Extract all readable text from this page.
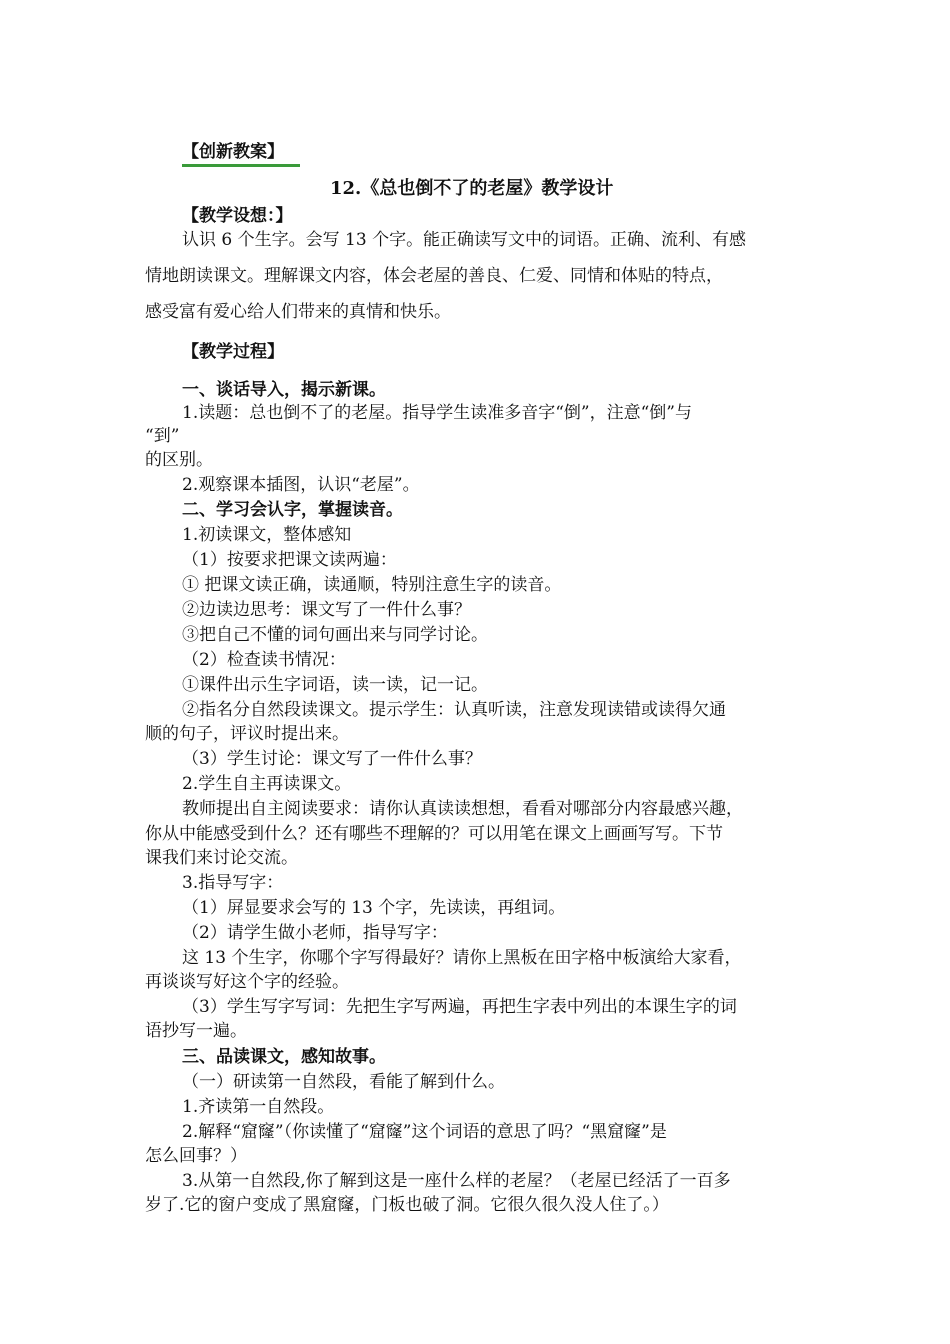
【创新教案】
12.《总也倒不了的老屋》教学设计
【教学设想：】
认识 6 个生字。会写 13 个字。能正确读写文中的词语。正确、流利、有感
情地朗读课文。理解课文内容，体会老屋的善良、仁爱、同情和体贴的特点，
感受富有爱心给人们带来的真情和快乐。
【教学过程】
一、谈话导入，揭示新课。
1.读题：总也倒不了的老屋。指导学生读准多音字“倒”，注意“倒”与
“到”
的区别。
2.观察课本插图，认识“老屋”。
二、学习会认字，掌握读音。
1.初读课文，整体感知
（1）按要求把课文读两遍：
① 把课文读正确，读通顺，特别注意生字的读音。
②边读边思考：课文写了一件什么事？
③把自己不懂的词句画出来与同学讨论。
（2）检查读书情况：
①课件出示生字词语，读一读，记一记。
②指名分自然段读课文。提示学生：认真听读，注意发现读错或读得欠通
顺的句子，评议时提出来。
（3）学生讨论：课文写了一件什么事？
2.学生自主再读课文。
教师提出自主阅读要求：请你认真读读想想，看看对哪部分内容最感兴趣，
你从中能感受到什么？还有哪些不理解的？可以用笔在课文上画画写写。下节
课我们来讨论交流。
3.指导写字：
（1）屏显要求会写的 13 个字，先读读，再组词。
（2）请学生做小老师，指导写字：
这 13 个生字，你哪个字写得最好？请你上黑板在田字格中板演给大家看，
再谈谈写好这个字的经验。
（3）学生写字写词：先把生字写两遍，再把生字表中列出的本课生字的词
语抄写一遍。
三、品读课文，感知故事。
（一）研读第一自然段，看能了解到什么。
1.齐读第一自然段。
2.解释“窟窿”（你读懂了“窟窿”这个词语的意思了吗？“黑窟窿”是
怎么回事？）
3.从第一自然段,你了解到这是一座什么样的老屋？（老屋已经活了一百多
岁了.它的窗户变成了黑窟窿，门板也破了洞。它很久很久没人住了。）
